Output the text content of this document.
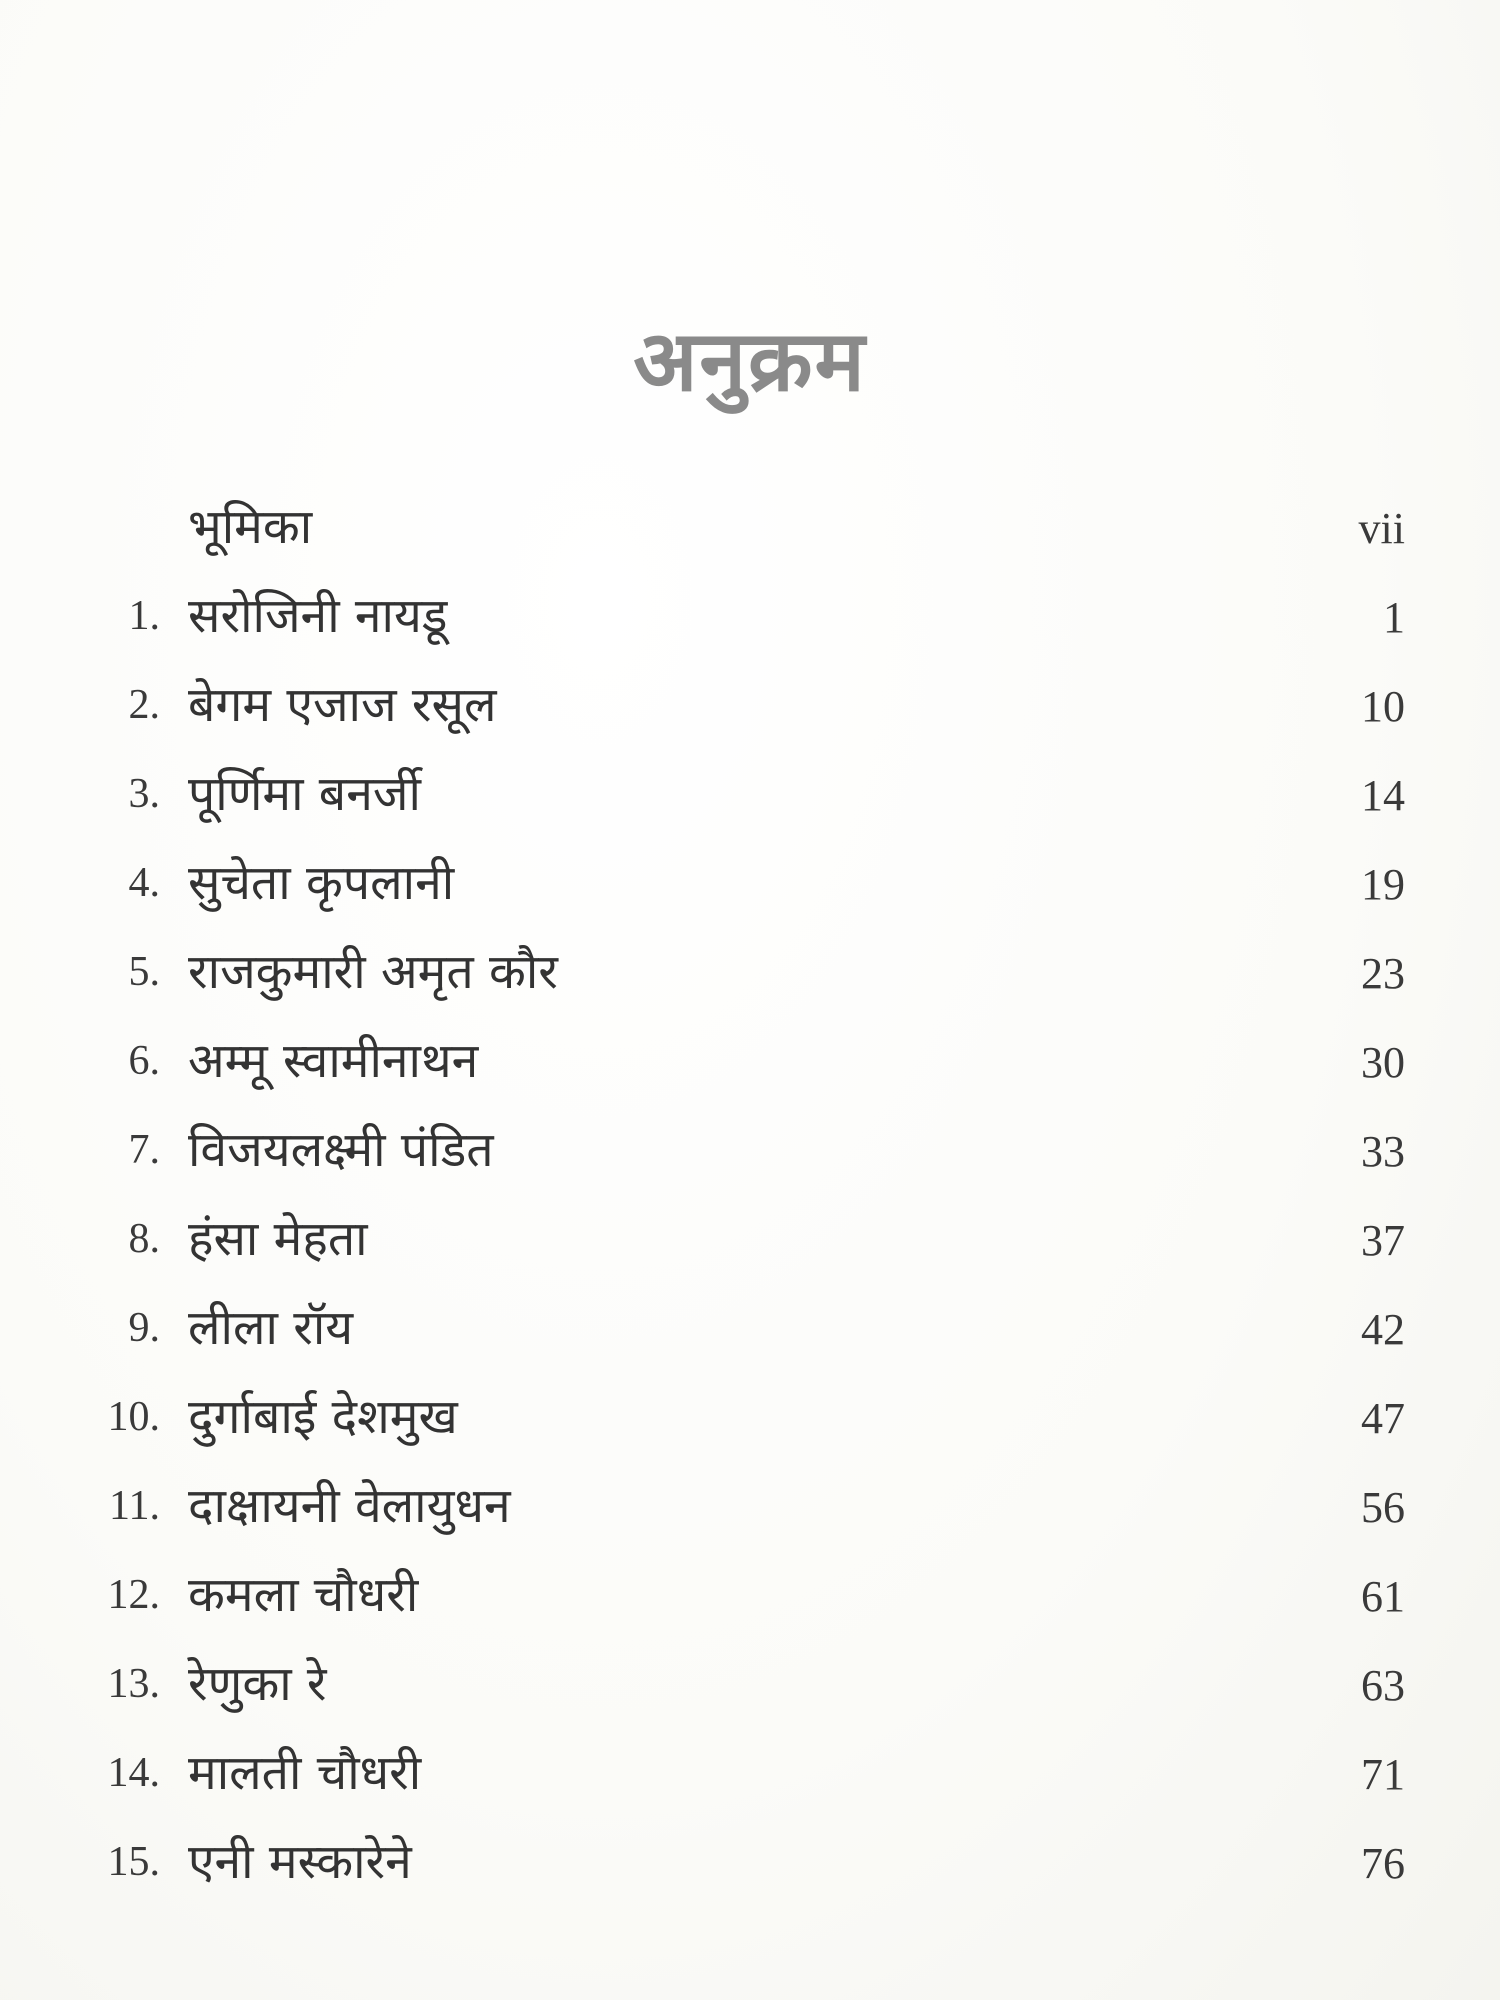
अनुक्रम
भूमिका	vii
1. सरोजिनी नायडू	1
2. बेगम एजाज रसूल	10
3. पूर्णिमा बनर्जी	14
4. सुचेता कृपलानी	19
5. राजकुमारी अमृत कौर	23
6. अम्मू स्वामीनाथन	30
7. विजयलक्ष्मी पंडित	33
8. हंसा मेहता	37
9. लीला रॉय	42
10. दुर्गाबाई देशमुख	47
11. दाक्षायनी वेलायुधन	56
12. कमला चौधरी	61
13. रेणुका रे	63
14. मालती चौधरी	71
15. एनी मस्कारेने	76
